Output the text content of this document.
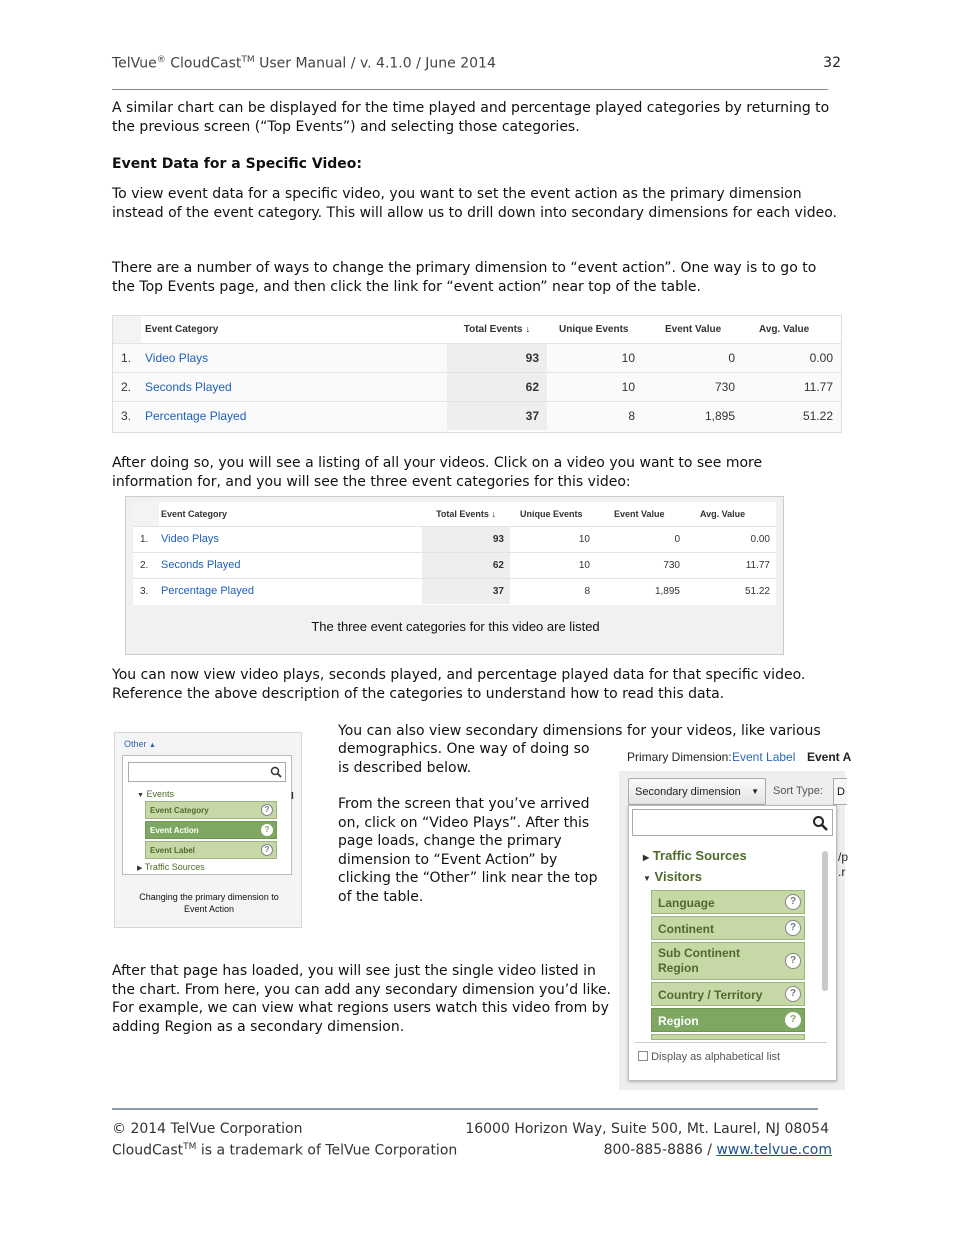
TelVue® CloudCast™ User Manual / v. 4.1.0 / June 2014	32
A similar chart can be displayed for the time played and percentage played categories by returning to the previous screen (“Top Events”) and selecting those categories.
Event Data for a Specific Video:
To view event data for a specific video, you want to set the event action as the primary dimension instead of the event category. This will allow us to drill down into secondary dimensions for each video.
There are a number of ways to change the primary dimension to “event action”. One way is to go to the Top Events page, and then click the link for “event action” near top of the table.
	Event Category	Total Events ↓	Unique Events	Event Value	Avg. Value
1.	Video Plays	93	10	0	0.00
2.	Seconds Played	62	10	730	11.77
3.	Percentage Played	37	8	1,895	51.22
After doing so, you will see a listing of all your videos. Click on a video you want to see more information for, and you will see the three event categories for this video:
	Event Category	Total Events ↓	Unique Events	Event Value	Avg. Value
1.	Video Plays	93	10	0	0.00
2.	Seconds Played	62	10	730	11.77
3.	Percentage Played	37	8	1,895	51.22
The three event categories for this video are listed
You can now view video plays, seconds played, and percentage played data for that specific video. Reference the above description of the categories to understand how to read this data.
Other ▲
▼ Events
Event Category	?
Event Action	?
Event Label	?
▶ Traffic Sources
I
Changing the primary dimension to
Event Action
You can also view secondary dimensions for your videos, like various
demographics. One way of doing so is described below.
From the screen that you’ve arrived on, click on “Video Plays”. After this page loads, change the primary dimension to “Event Action” by clicking the “Other” link near the top of the table.
After that page has loaded, you will see just the single video listed in the chart. From here, you can add any secondary dimension you’d like. For example, we can view what regions users watch this video from by adding Region as a secondary dimension.
Primary Dimension: Event Label Event A
Secondary dimension ▼ Sort Type:	D
▶ Traffic Sources
▼ Visitors
Language	?
Continent	?
Sub Continent Region
?
Country / Territory	?
Region	?
Display as alphabetical list
/p
.r
© 2014 TelVue Corporation	16000 Horizon Way, Suite 500, Mt. Laurel, NJ 08054
CloudCast™ is a trademark of TelVue Corporation	800-885-8886 / www.telvue.com
